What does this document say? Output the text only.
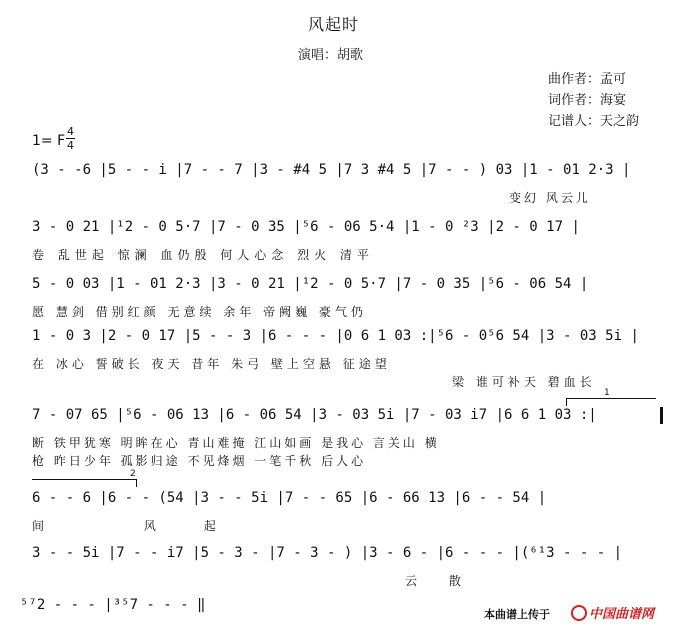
风起时
演唱：胡歌
曲作者：孟可
词作者：海宴
记谱人：天之韵
1= F
4
4
(3 - -6 |5 - - i |7 - - 7 |3 - #4 5 |7 3 #4 5 |7 - - ) 03 |1 - 01 2·3 |
变幻 风云儿
3 - 0 21 |¹2 - 0 5·7 |7 - 0 35 |⁵6 - 06 5·4 |1 - 0 ²3 |2 - 0 17 |
卷 乱世起 惊澜 血仍殷 何人心念 烈火 清平
5 - 0 03 |1 - 01 2·3 |3 - 0 21 |¹2 - 0 5·7 |7 - 0 35 |⁵6 - 06 54 |
愿 慧剑 借别红颜 无意续 余年 帝阙巍 豪气仍
1 - 0 3 |2 - 0 17 |5 - - 3 |6 - - - |0 6 1 03 :|⁵6 - 0⁵6 54 |3 - 03 5i |
在 冰心 誓破长 夜天 昔年 朱弓 壁上空悬 征途望
梁 谁可补天 碧血长
1
7 - 07 65 |⁵6 - 06 13 |6 - 06 54 |3 - 03 5i |7 - 03 i7 |6 6 1 03 :|
断 铁甲犹寒 明眸在心 青山难掩 江山如画 是我心 言关山 横
枪 昨日少年 孤影归途 不见烽烟 一笔千秋 后人心
2
6 - - 6 |6 - - (54 |3 - - 5i |7 - - 65 |6 - 66 13 |6 - - 54 |
间 风起
3 - - 5i |7 - - i7 |5 - 3 - |7 - 3 - ) |3 - 6 - |6 - - - |(⁶¹3 - - - |
云 散
⁵⁷2 - - - |³⁵7 - - - ‖
本曲谱上传于	中国曲谱网
